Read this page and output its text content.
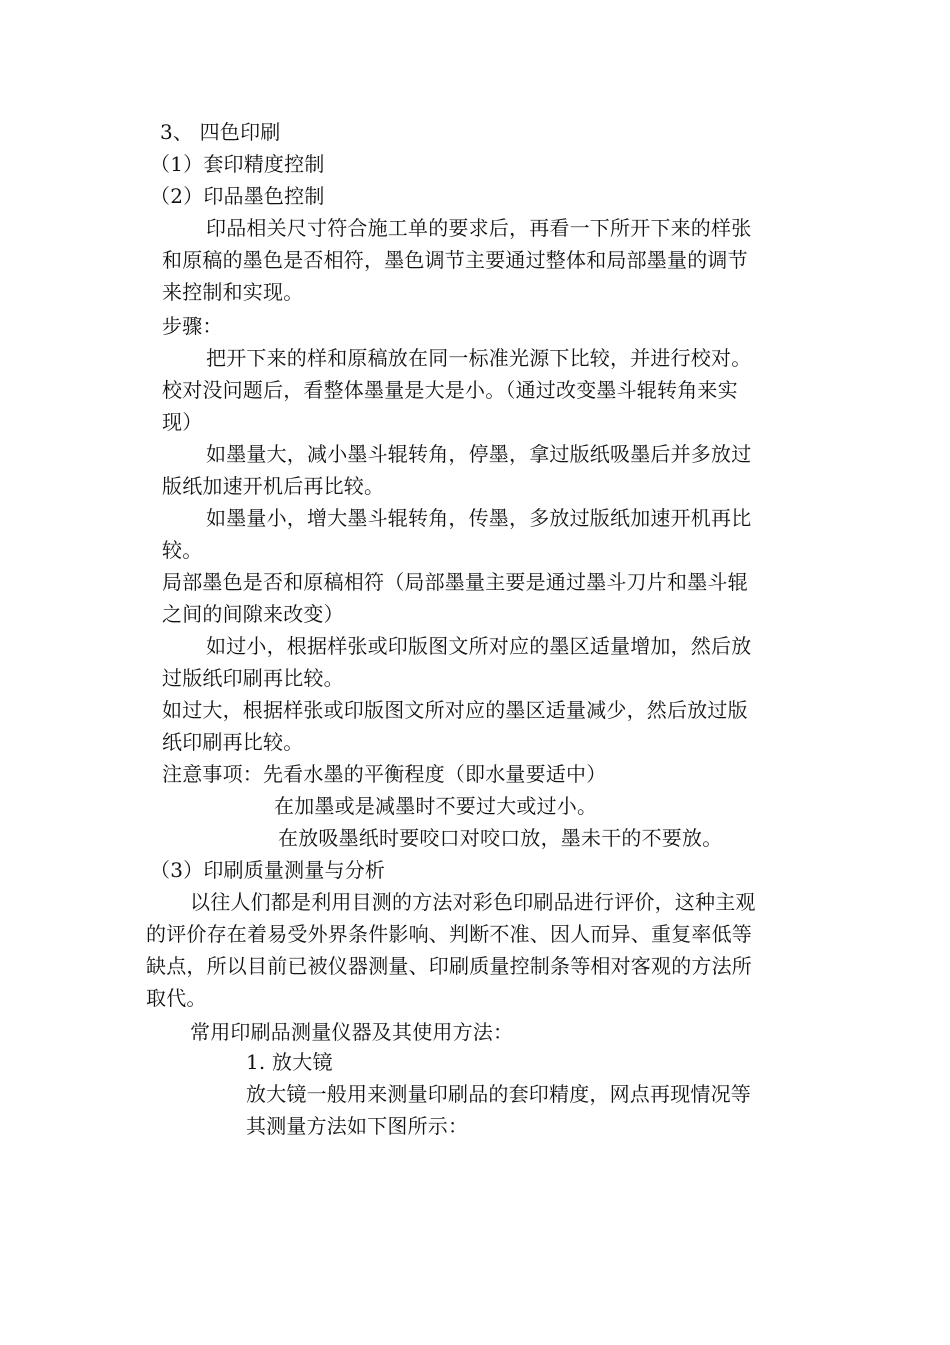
3、 四色印刷
（1）套印精度控制
（2）印品墨色控制
印品相关尺寸符合施工单的要求后，再看一下所开下来的样张
和原稿的墨色是否相符，墨色调节主要通过整体和局部墨量的调节
来控制和实现。
步骤：
把开下来的样和原稿放在同一标准光源下比较，并进行校对。
校对没问题后，看整体墨量是大是小。（通过改变墨斗辊转角来实
现）
如墨量大，减小墨斗辊转角，停墨，拿过版纸吸墨后并多放过
版纸加速开机后再比较。
如墨量小，增大墨斗辊转角，传墨，多放过版纸加速开机再比
较。
局部墨色是否和原稿相符（局部墨量主要是通过墨斗刀片和墨斗辊
之间的间隙来改变）
如过小，根据样张或印版图文所对应的墨区适量增加，然后放
过版纸印刷再比较。
如过大，根据样张或印版图文所对应的墨区适量减少，然后放过版
纸印刷再比较。
注意事项：先看水墨的平衡程度（即水量要适中）
在加墨或是减墨时不要过大或过小。
在放吸墨纸时要咬口对咬口放，墨未干的不要放。
（3）印刷质量测量与分析
以往人们都是利用目测的方法对彩色印刷品进行评价，这种主观
的评价存在着易受外界条件影响、判断不准、因人而异、重复率低等
缺点，所以目前已被仪器测量、印刷质量控制条等相对客观的方法所
取代。
常用印刷品测量仪器及其使用方法：
1. 放大镜
放大镜一般用来测量印刷品的套印精度，网点再现情况等
其测量方法如下图所示：
